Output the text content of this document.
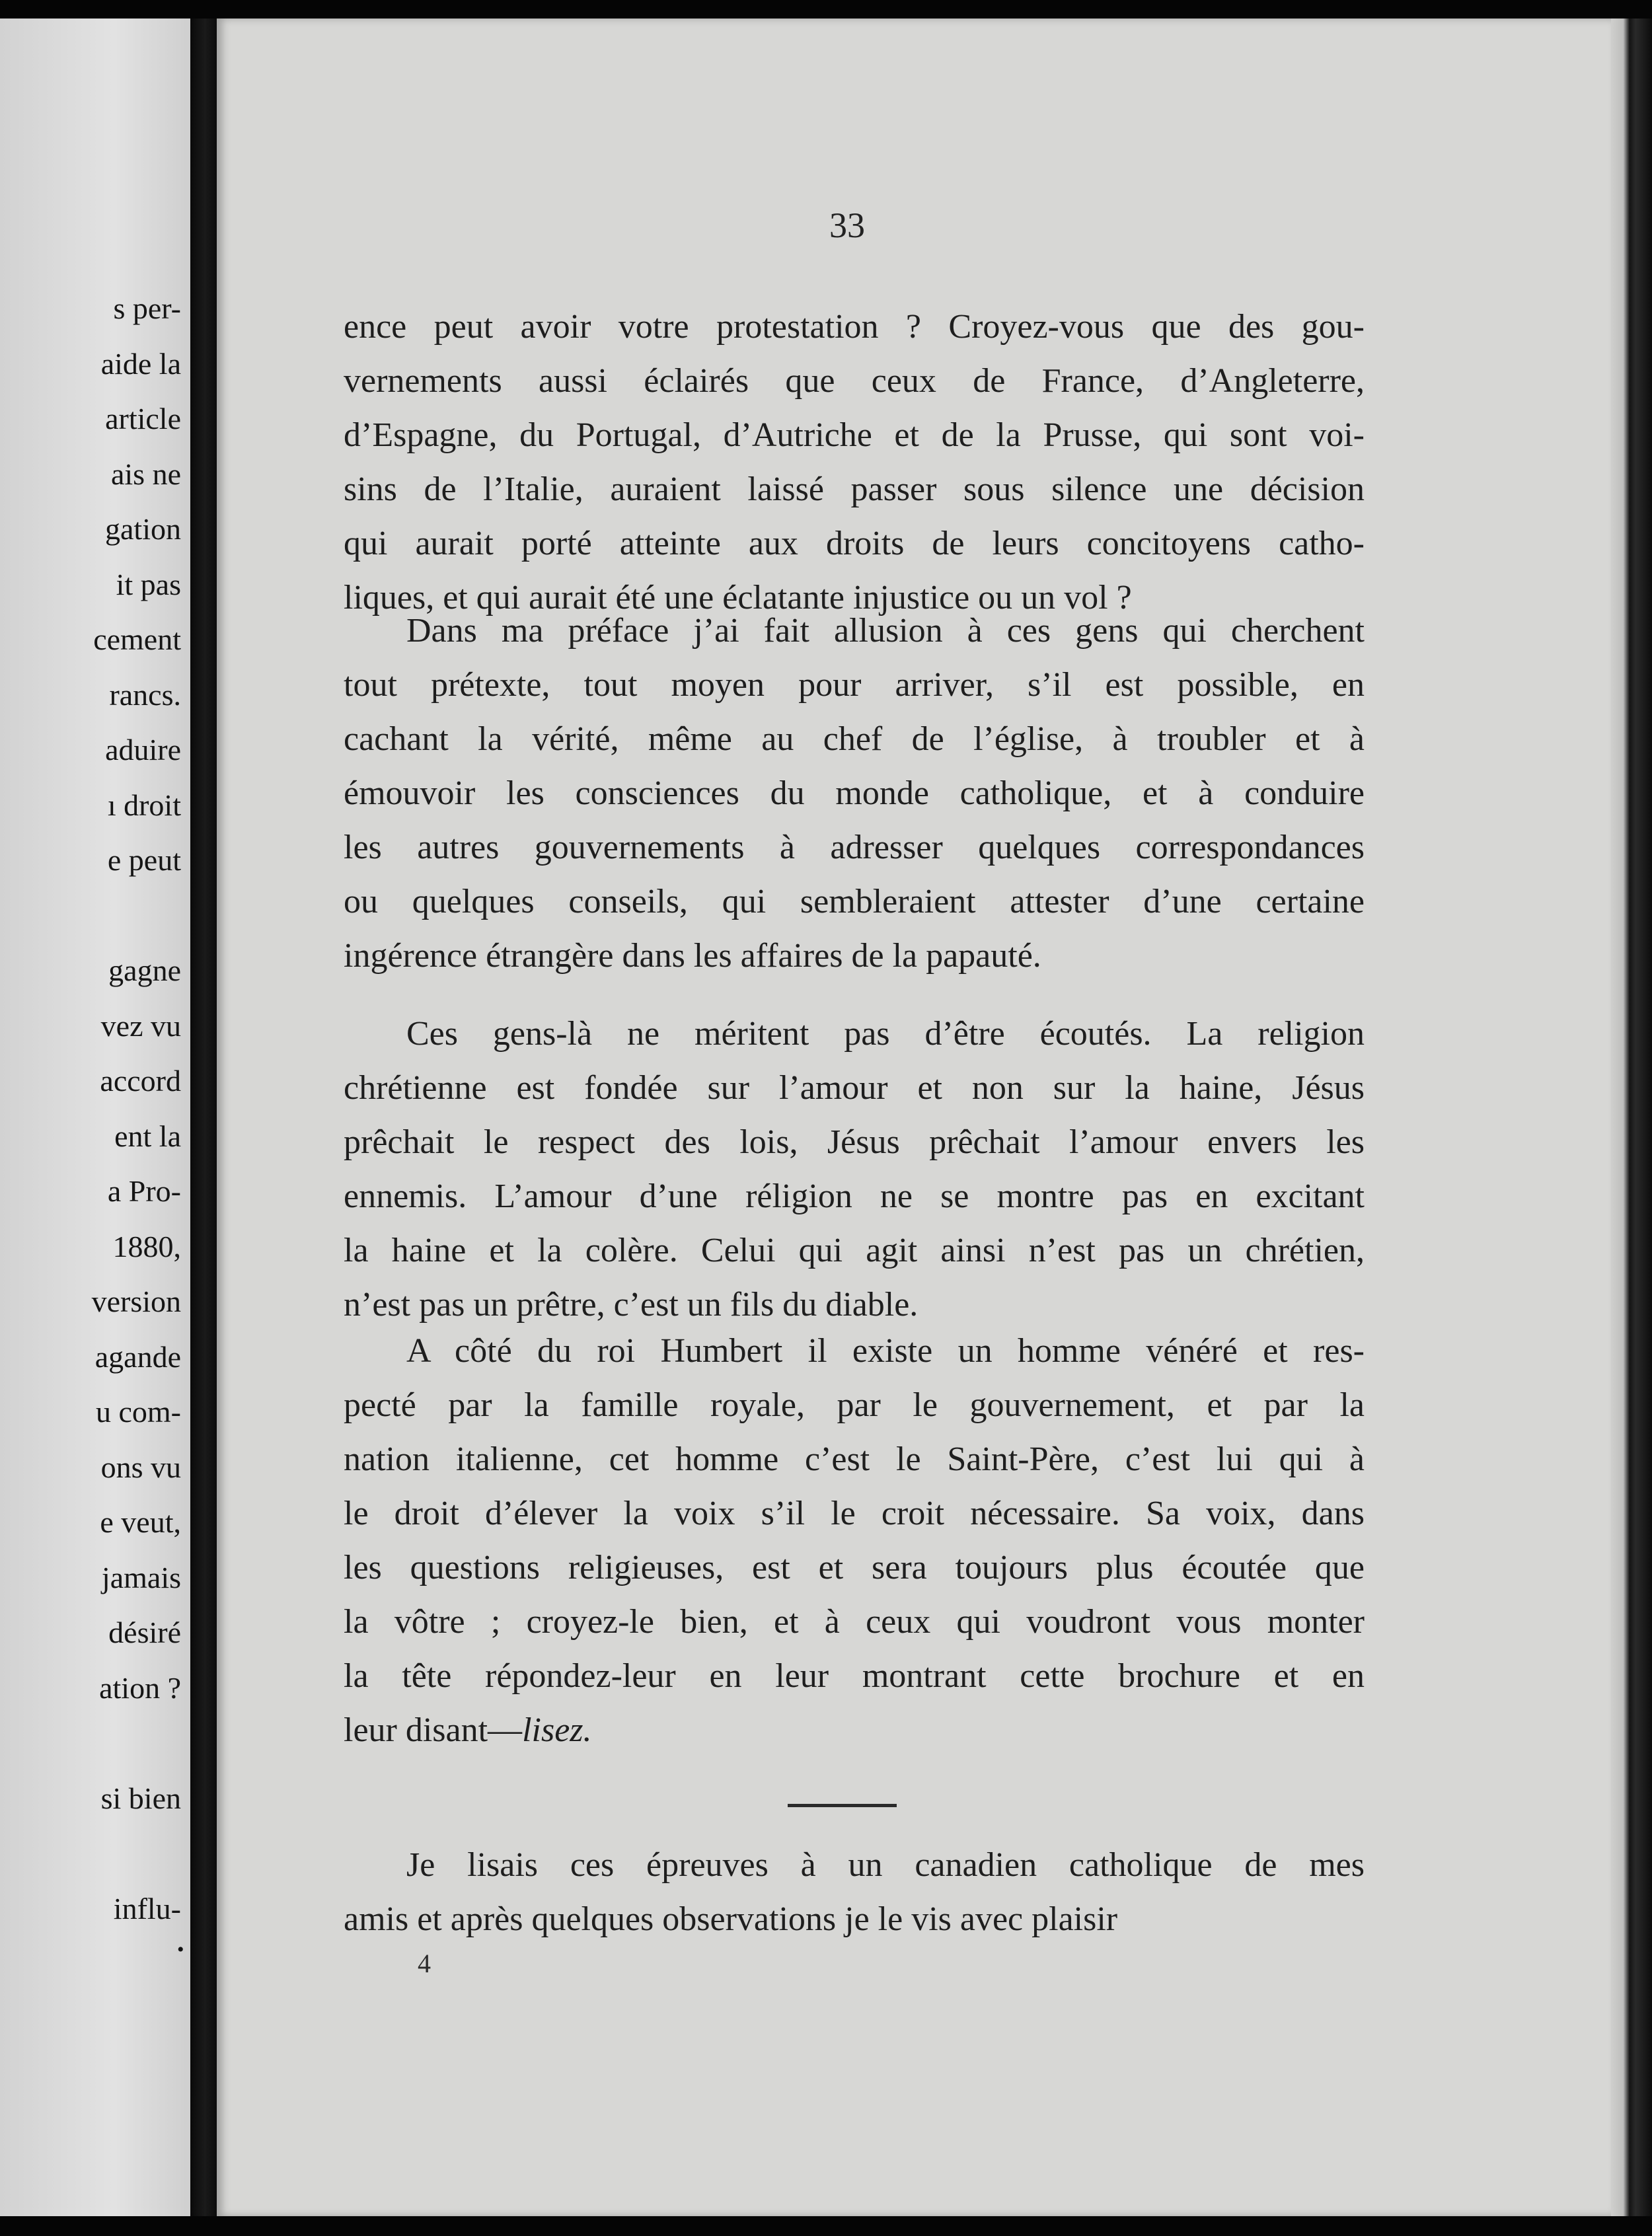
•
s per-
aide la
article
ais ne
gation
it pas
cement
rancs.
aduire
ı droit
e peut
gagne
vez vu
accord
ent la
a Pro-
1880,
version
agande
u com-
ons vu
e veut,
jamais
désiré
ation ?
si bien
influ-
33
ence peut avoir votre protestation ? Croyez-vous que des gou-
vernements aussi éclairés que ceux de France, d’Angleterre,
d’Espagne, du Portugal, d’Autriche et de la Prusse, qui sont voi-
sins de l’Italie, auraient laissé passer sous silence une décision
qui aurait porté atteinte aux droits de leurs concitoyens catho-
liques, et qui aurait été une éclatante injustice ou un vol ?
Dans ma préface j’ai fait allusion à ces gens qui cherchent
tout prétexte, tout moyen pour arriver, s’il est possible, en
cachant la vérité, même au chef de l’église, à troubler et à
émouvoir les consciences du monde catholique, et à conduire
les autres gouvernements à adresser quelques correspondances
ou quelques conseils, qui sembleraient attester d’une certaine
ingérence étrangère dans les affaires de la papauté.
Ces gens-là ne méritent pas d’être écoutés. La religion
chrétienne est fondée sur l’amour et non sur la haine, Jésus
prêchait le respect des lois, Jésus prêchait l’amour envers les
ennemis. L’amour d’une réligion ne se montre pas en excitant
la haine et la colère. Celui qui agit ainsi n’est pas un chrétien,
n’est pas un prêtre, c’est un fils du diable.
A côté du roi Humbert il existe un homme vénéré et res-
pecté par la famille royale, par le gouvernement, et par la
nation italienne, cet homme c’est le Saint-Père, c’est lui qui à
le droit d’élever la voix s’il le croit nécessaire. Sa voix, dans
les questions religieuses, est et sera toujours plus écoutée que
la vôtre ; croyez-le bien, et à ceux qui voudront vous monter
la tête répondez-leur en leur montrant cette brochure et en
leur disant—lisez.
Je lisais ces épreuves à un canadien catholique de mes
amis et après quelques observations je le vis avec plaisir
4
